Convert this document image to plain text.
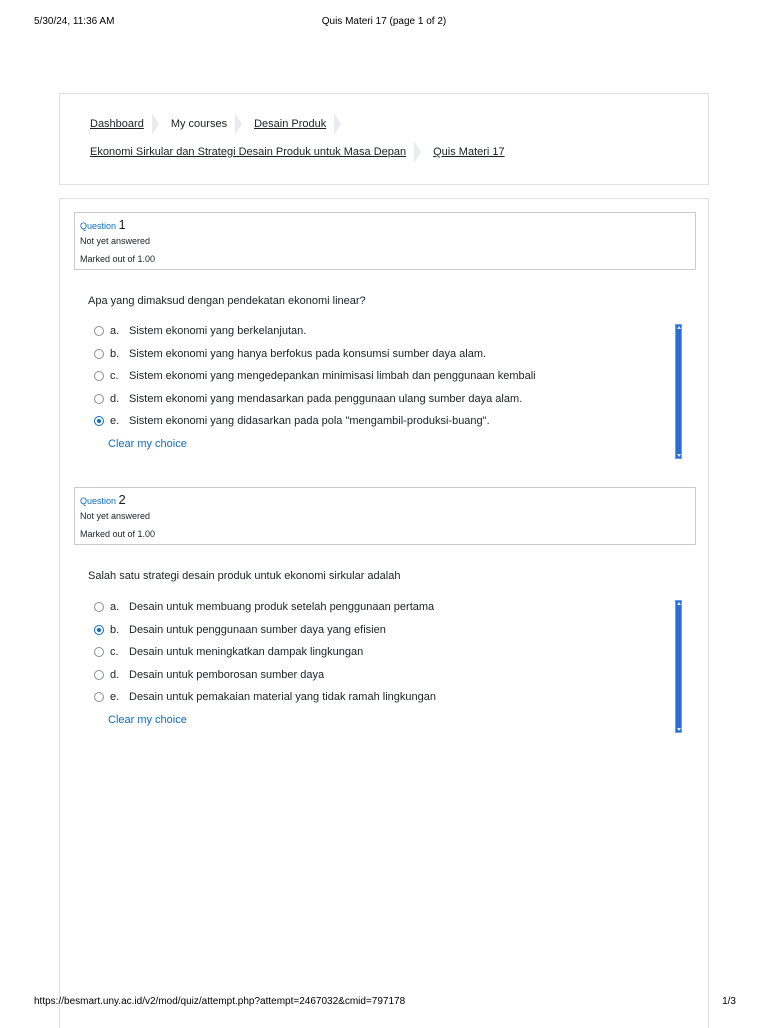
5/30/24, 11:36 AM	Quis Materi 17 (page 1 of 2)
Dashboard My courses Desain Produk
Ekonomi Sirkular dan Strategi Desain Produk untuk Masa Depan Quis Materi 17
Question 1
Not yet answered
Marked out of 1.00
Apa yang dimaksud dengan pendekatan ekonomi linear?
a. Sistem ekonomi yang berkelanjutan.
b. Sistem ekonomi yang hanya berfokus pada konsumsi sumber daya alam.
c. Sistem ekonomi yang mengedepankan minimisasi limbah dan penggunaan kembali
d. Sistem ekonomi yang mendasarkan pada penggunaan ulang sumber daya alam.
e. Sistem ekonomi yang didasarkan pada pola "mengambil-produksi-buang".
Clear my choice
Question 2
Not yet answered
Marked out of 1.00
Salah satu strategi desain produk untuk ekonomi sirkular adalah
a. Desain untuk membuang produk setelah penggunaan pertama
b. Desain untuk penggunaan sumber daya yang efisien
c. Desain untuk meningkatkan dampak lingkungan
d. Desain untuk pemborosan sumber daya
e. Desain untuk pemakaian material yang tidak ramah lingkungan
Clear my choice
https://besmart.uny.ac.id/v2/mod/quiz/attempt.php?attempt=2467032&cmid=797178	1/3
